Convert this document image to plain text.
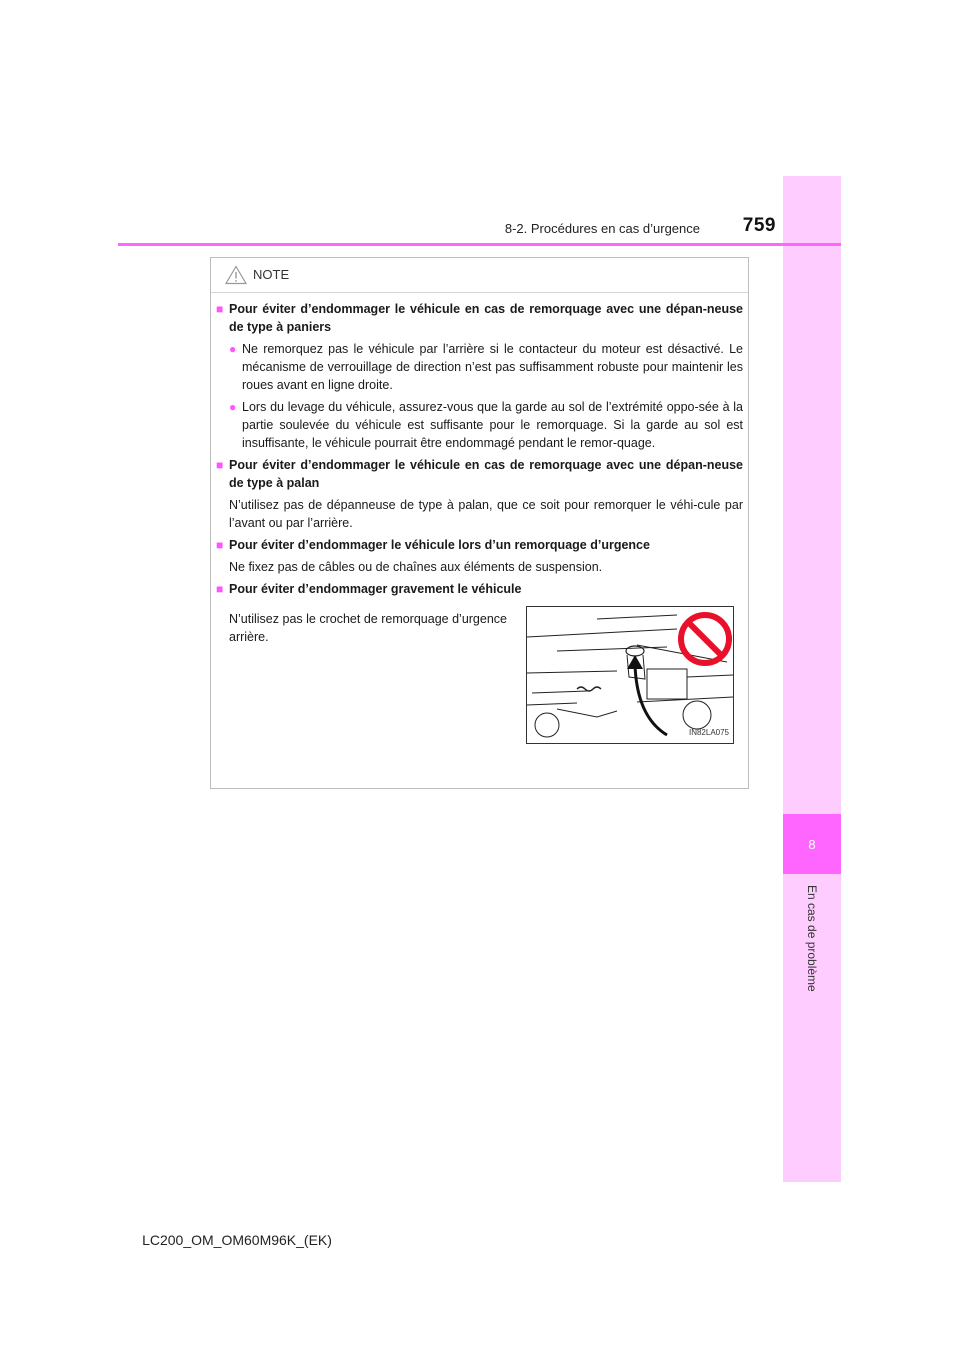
8
En cas de problème
8-2. Procédures en cas d’urgence	759
NOTE
■ Pour éviter d’endommager le véhicule en cas de remorquage avec une dépan-neuse de type à paniers
● Ne remorquez pas le véhicule par l’arrière si le contacteur du moteur est désactivé. Le mécanisme de verrouillage de direction n’est pas suffisamment robuste pour maintenir les roues avant en ligne droite.
● Lors du levage du véhicule, assurez-vous que la garde au sol de l’extrémité oppo-sée à la partie soulevée du véhicule est suffisante pour le remorquage. Si la garde au sol est insuffisante, le véhicule pourrait être endommagé pendant le remor-quage.
■ Pour éviter d’endommager le véhicule en cas de remorquage avec une dépan-neuse de type à palan
N’utilisez pas de dépanneuse de type à palan, que ce soit pour remorquer le véhi-cule par l’avant ou par l’arrière.
■ Pour éviter d’endommager le véhicule lors d’un remorquage d’urgence
Ne fixez pas de câbles ou de chaînes aux éléments de suspension.
■ Pour éviter d’endommager gravement le véhicule
N’utilisez pas le crochet de remorquage d’urgence arrière.
IN82LA075
LC200_OM_OM60M96K_(EK)
